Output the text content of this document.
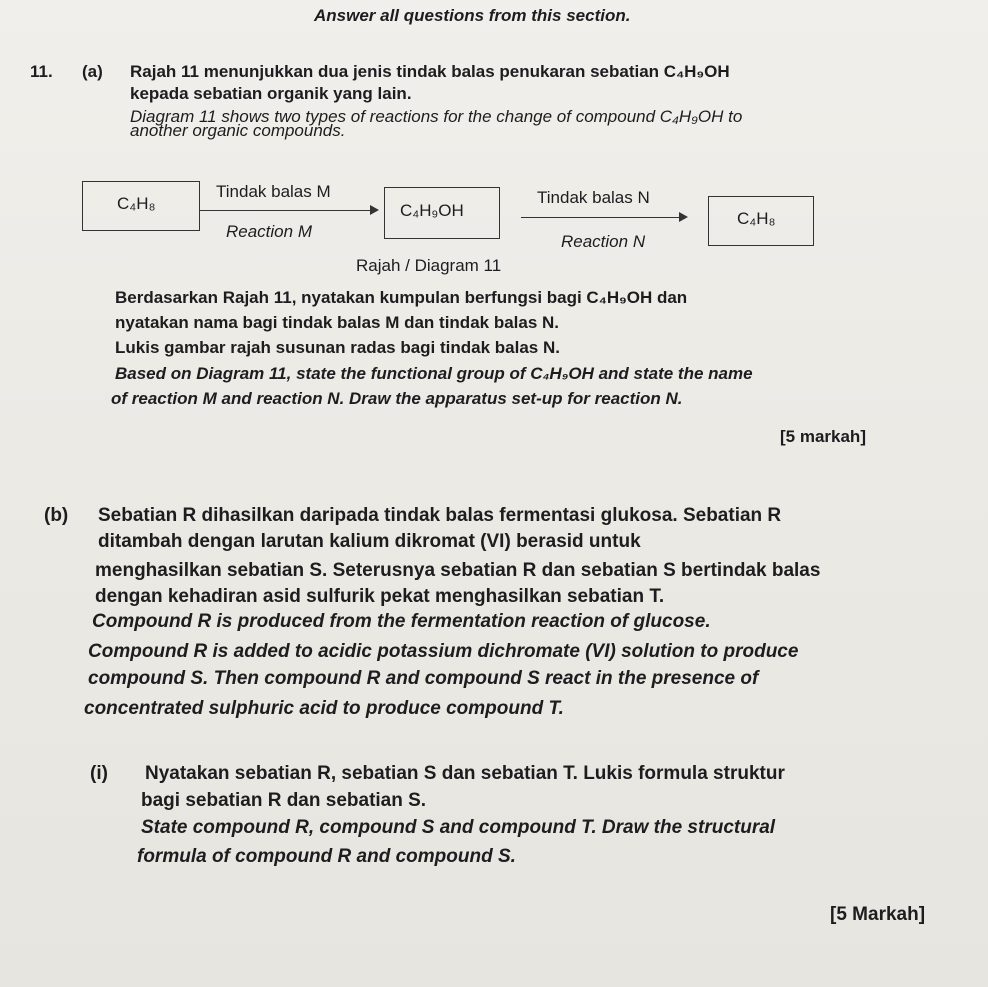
Answer all questions from this section.
11. (a) Rajah 11 menunjukkan dua jenis tindak balas penukaran sebatian C₄H₉OH
kepada sebatian organik yang lain.
Diagram 11 shows two types of reactions for the change of compound C₄H₉OH to
another organic compounds.
C₄H₈
Tindak balas M
Reaction M
C₄H₉OH
Tindak balas N
Reaction N
C₄H₈
Rajah / Diagram 11
Berdasarkan Rajah 11, nyatakan kumpulan berfungsi bagi C₄H₉OH dan
nyatakan nama bagi tindak balas M dan tindak balas N.
Lukis gambar rajah susunan radas bagi tindak balas N.
Based on Diagram 11, state the functional group of C₄H₉OH and state the name
of reaction M and reaction N. Draw the apparatus set-up for reaction N.
[5 markah]
(b) Sebatian R dihasilkan daripada tindak balas fermentasi glukosa. Sebatian R
ditambah dengan larutan kalium dikromat (VI) berasid untuk
menghasilkan sebatian S. Seterusnya sebatian R dan sebatian S bertindak balas
dengan kehadiran asid sulfurik pekat menghasilkan sebatian T.
Compound R is produced from the fermentation reaction of glucose.
Compound R is added to acidic potassium dichromate (VI) solution to produce
compound S. Then compound R and compound S react in the presence of
concentrated sulphuric acid to produce compound T.
(i) Nyatakan sebatian R, sebatian S dan sebatian T. Lukis formula struktur
bagi sebatian R dan sebatian S.
State compound R, compound S and compound T. Draw the structural
formula of compound R and compound S.
[5 Markah]
